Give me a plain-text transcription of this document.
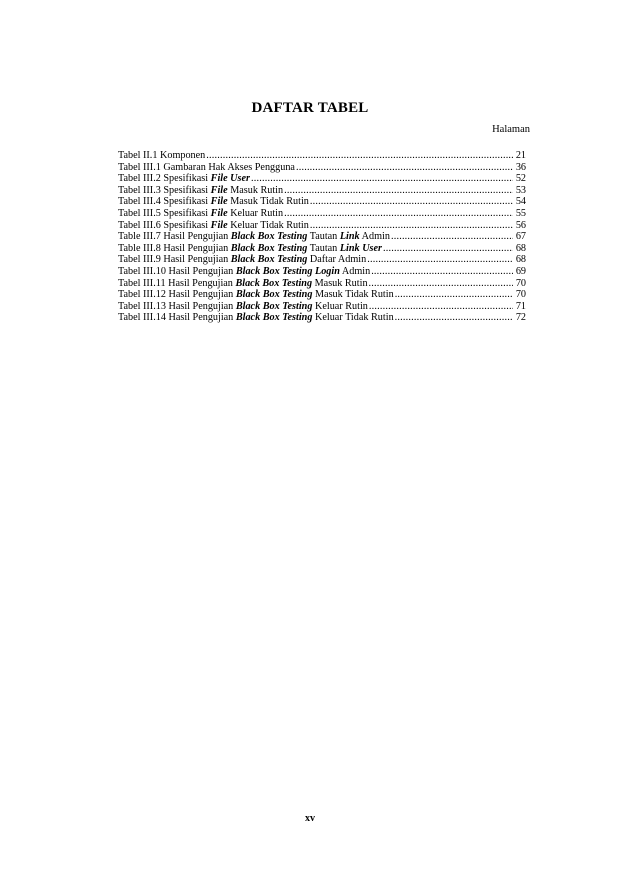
DAFTAR TABEL
Halaman
Tabel II.1 Komponen .....	21
Tabel III.1 Gambaran Hak Akses Pengguna .....	36
Tabel III.2 Spesifikasi File User .....	52
Tabel III.3 Spesifikasi File Masuk Rutin .....	53
Tabel III.4 Spesifikasi File Masuk Tidak Rutin .....	54
Tabel III.5 Spesifikasi File Keluar Rutin .....	55
Tabel III.6 Spesifikasi File Keluar Tidak Rutin .....	56
Table III.7 Hasil Pengujian Black Box Testing Tautan Link Admin .....	67
Table III.8 Hasil Pengujian Black Box Testing Tautan Link User .....	68
Tabel III.9 Hasil Pengujian Black Box Testing Daftar Admin .....	68
Tabel III.10 Hasil Pengujian Black Box Testing Login Admin .....	69
Tabel III.11 Hasil Pengujian Black Box Testing Masuk Rutin .....	70
Tabel III.12 Hasil Pengujian Black Box Testing Masuk Tidak Rutin .....	70
Tabel III.13 Hasil Pengujian Black Box Testing Keluar Rutin .....	71
Tabel III.14 Hasil Pengujian Black Box Testing Keluar Tidak Rutin .....	72
xv
